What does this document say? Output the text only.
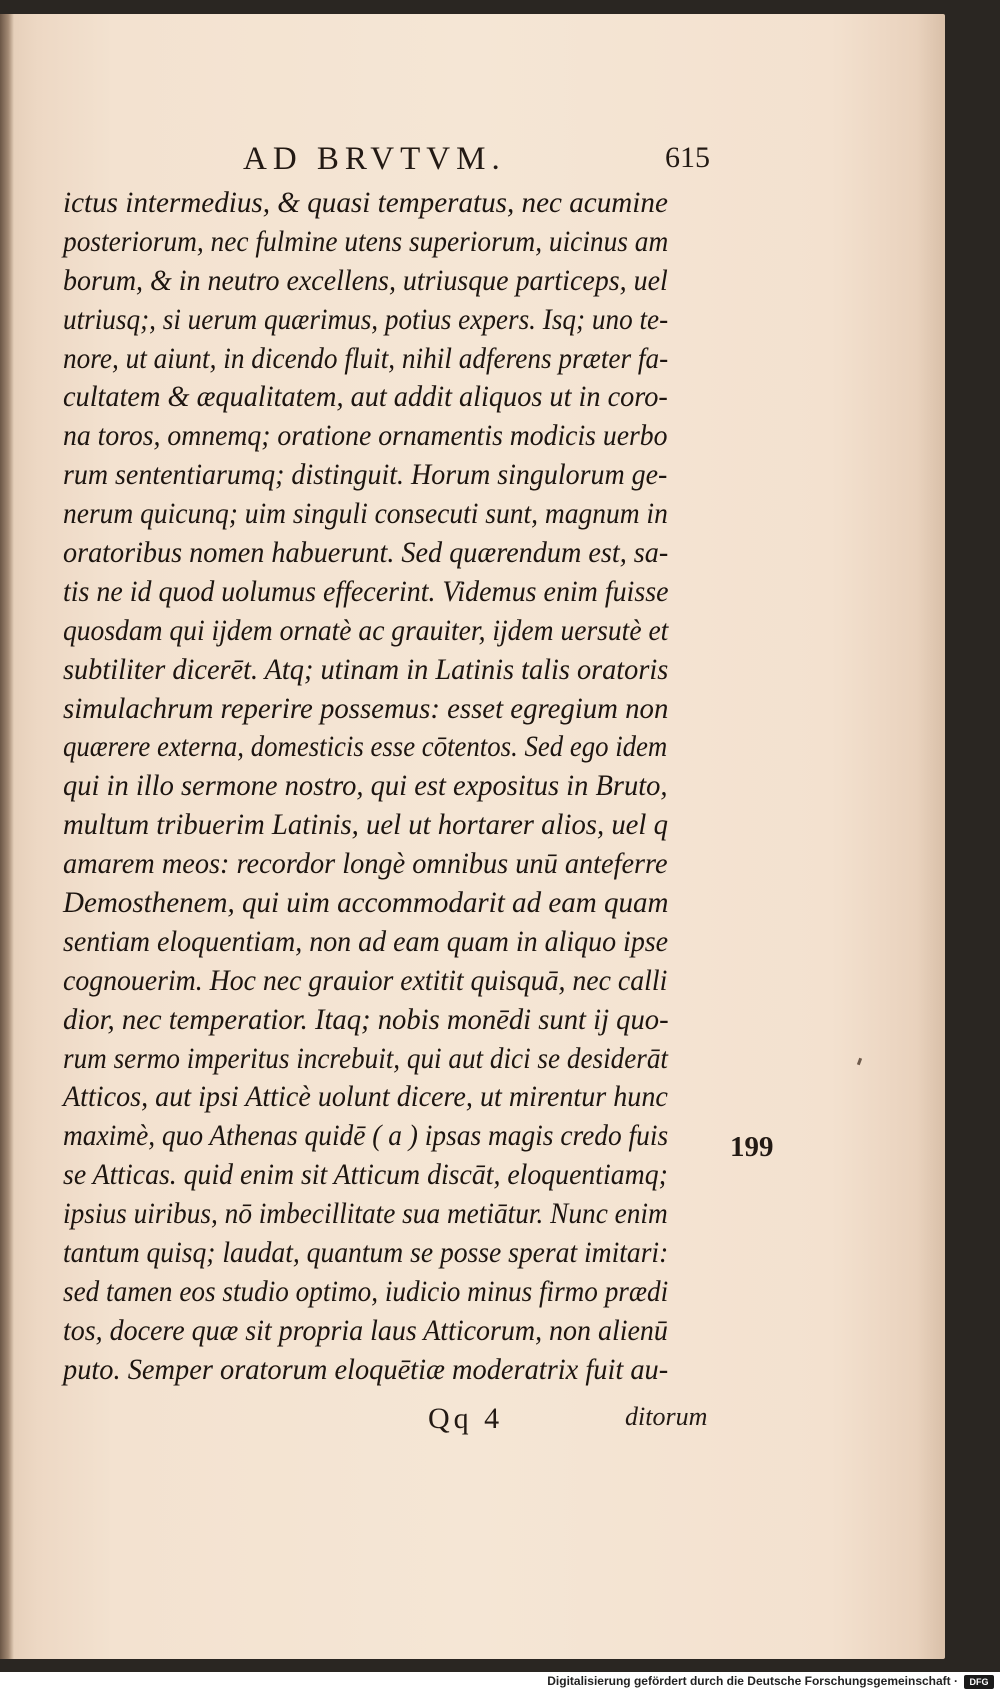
AD BRVTVM.	615
ictus intermedius, & quasi temperatus, nec acumine
posteriorum, nec fulmine utens superiorum, uicinus am
borum, & in neutro excellens, utriusque particeps, uel
utriusq;, si uerum quærimus, potius expers. Isq; uno te-
nore, ut aiunt, in dicendo fluit, nihil adferens præter fa-
cultatem & æqualitatem, aut addit aliquos ut in coro-
na toros, omnemq; oratione ornamentis modicis uerbo
rum sententiarumq; distinguit. Horum singulorum ge-
nerum quicunq; uim singuli consecuti sunt, magnum in
oratoribus nomen habuerunt. Sed quærendum est, sa-
tis ne id quod uolumus effecerint. Videmus enim fuisse
quosdam qui ijdem ornatè ac grauiter, ijdem uersutè et
subtiliter dicerēt. Atq; utinam in Latinis talis oratoris
simulachrum reperire possemus: esset egregium non
quærere externa, domesticis esse cōtentos. Sed ego idem
qui in illo sermone nostro, qui est expositus in Bruto,
multum tribuerim Latinis, uel ut hortarer alios, uel q
amarem meos: recordor longè omnibus unū anteferre
Demosthenem, qui uim accommodarit ad eam quam
sentiam eloquentiam, non ad eam quam in aliquo ipse
cognouerim. Hoc nec grauior extitit quisquā, nec calli
dior, nec temperatior. Itaq; nobis monēdi sunt ij quo-
rum sermo imperitus increbuit, qui aut dici se desiderāt
Atticos, aut ipsi Atticè uolunt dicere, ut mirentur hunc
maximè, quo Athenas quidē ( a ) ipsas magis credo fuis
se Atticas. quid enim sit Atticum discāt, eloquentiamq;
ipsius uiribus, nō imbecillitate sua metiātur. Nunc enim
tantum quisq; laudat, quantum se posse sperat imitari:
sed tamen eos studio optimo, iudicio minus firmo prædi
tos, docere quæ sit propria laus Atticorum, non alienū
puto. Semper oratorum eloquētiæ moderatrix fuit au-
199
Qq 4	ditorum
Digitalisierung gefördert durch die Deutsche Forschungsgemeinschaft ·	DFG
